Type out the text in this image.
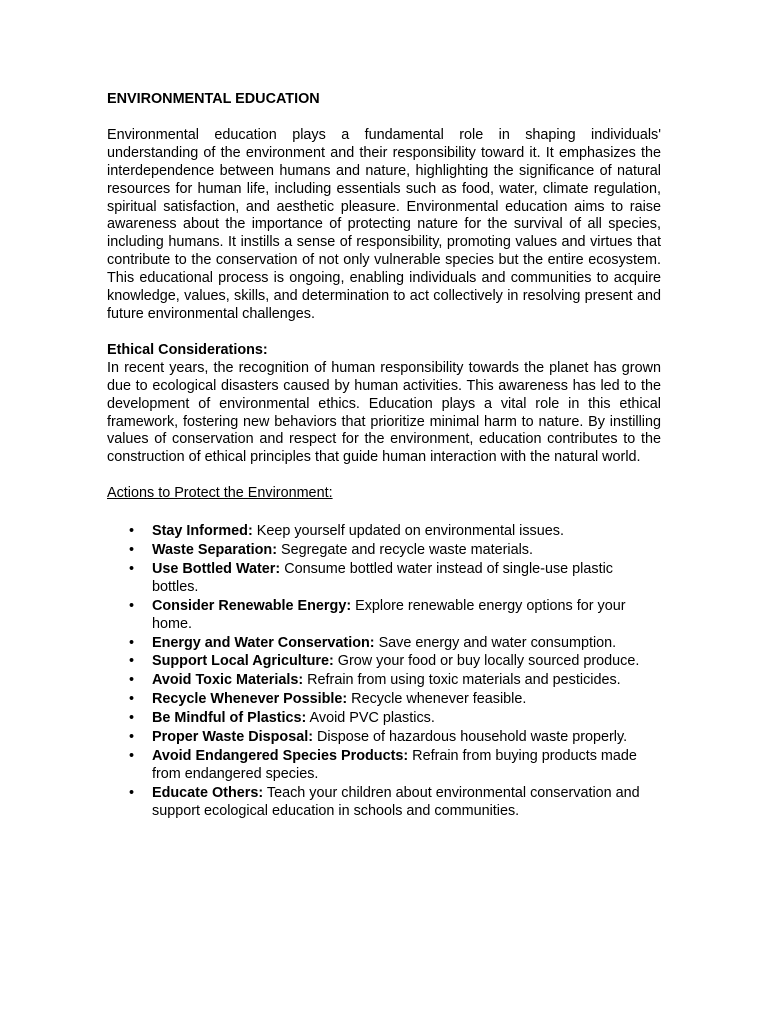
ENVIRONMENTAL EDUCATION

Environmental education plays a fundamental role in shaping individuals' understanding of the environment and their responsibility toward it. It emphasizes the interdependence between humans and nature, highlighting the significance of natural resources for human life, including essentials such as food, water, climate regulation, spiritual satisfaction, and aesthetic pleasure. Environmental education aims to raise awareness about the importance of protecting nature for the survival of all species, including humans. It instills a sense of responsibility, promoting values and virtues that contribute to the conservation of not only vulnerable species but the entire ecosystem. This educational process is ongoing, enabling individuals and communities to acquire knowledge, values, skills, and determination to act collectively in resolving present and future environmental challenges.

Ethical Considerations:

In recent years, the recognition of human responsibility towards the planet has grown due to ecological disasters caused by human activities. This awareness has led to the development of environmental ethics. Education plays a vital role in this ethical framework, fostering new behaviors that prioritize minimal harm to nature. By instilling values of conservation and respect for the environment, education contributes to the construction of ethical principles that guide human interaction with the natural world.

Actions to Protect the Environment:

• Stay Informed: Keep yourself updated on environmental issues.
• Waste Separation: Segregate and recycle waste materials.
• Use Bottled Water: Consume bottled water instead of single-use plastic bottles.
• Consider Renewable Energy: Explore renewable energy options for your home.
• Energy and Water Conservation: Save energy and water consumption.
• Support Local Agriculture: Grow your food or buy locally sourced produce.
• Avoid Toxic Materials: Refrain from using toxic materials and pesticides.
• Recycle Whenever Possible: Recycle whenever feasible.
• Be Mindful of Plastics: Avoid PVC plastics.
• Proper Waste Disposal: Dispose of hazardous household waste properly.
• Avoid Endangered Species Products: Refrain from buying products made from endangered species.
• Educate Others: Teach your children about environmental conservation and support ecological education in schools and communities.
